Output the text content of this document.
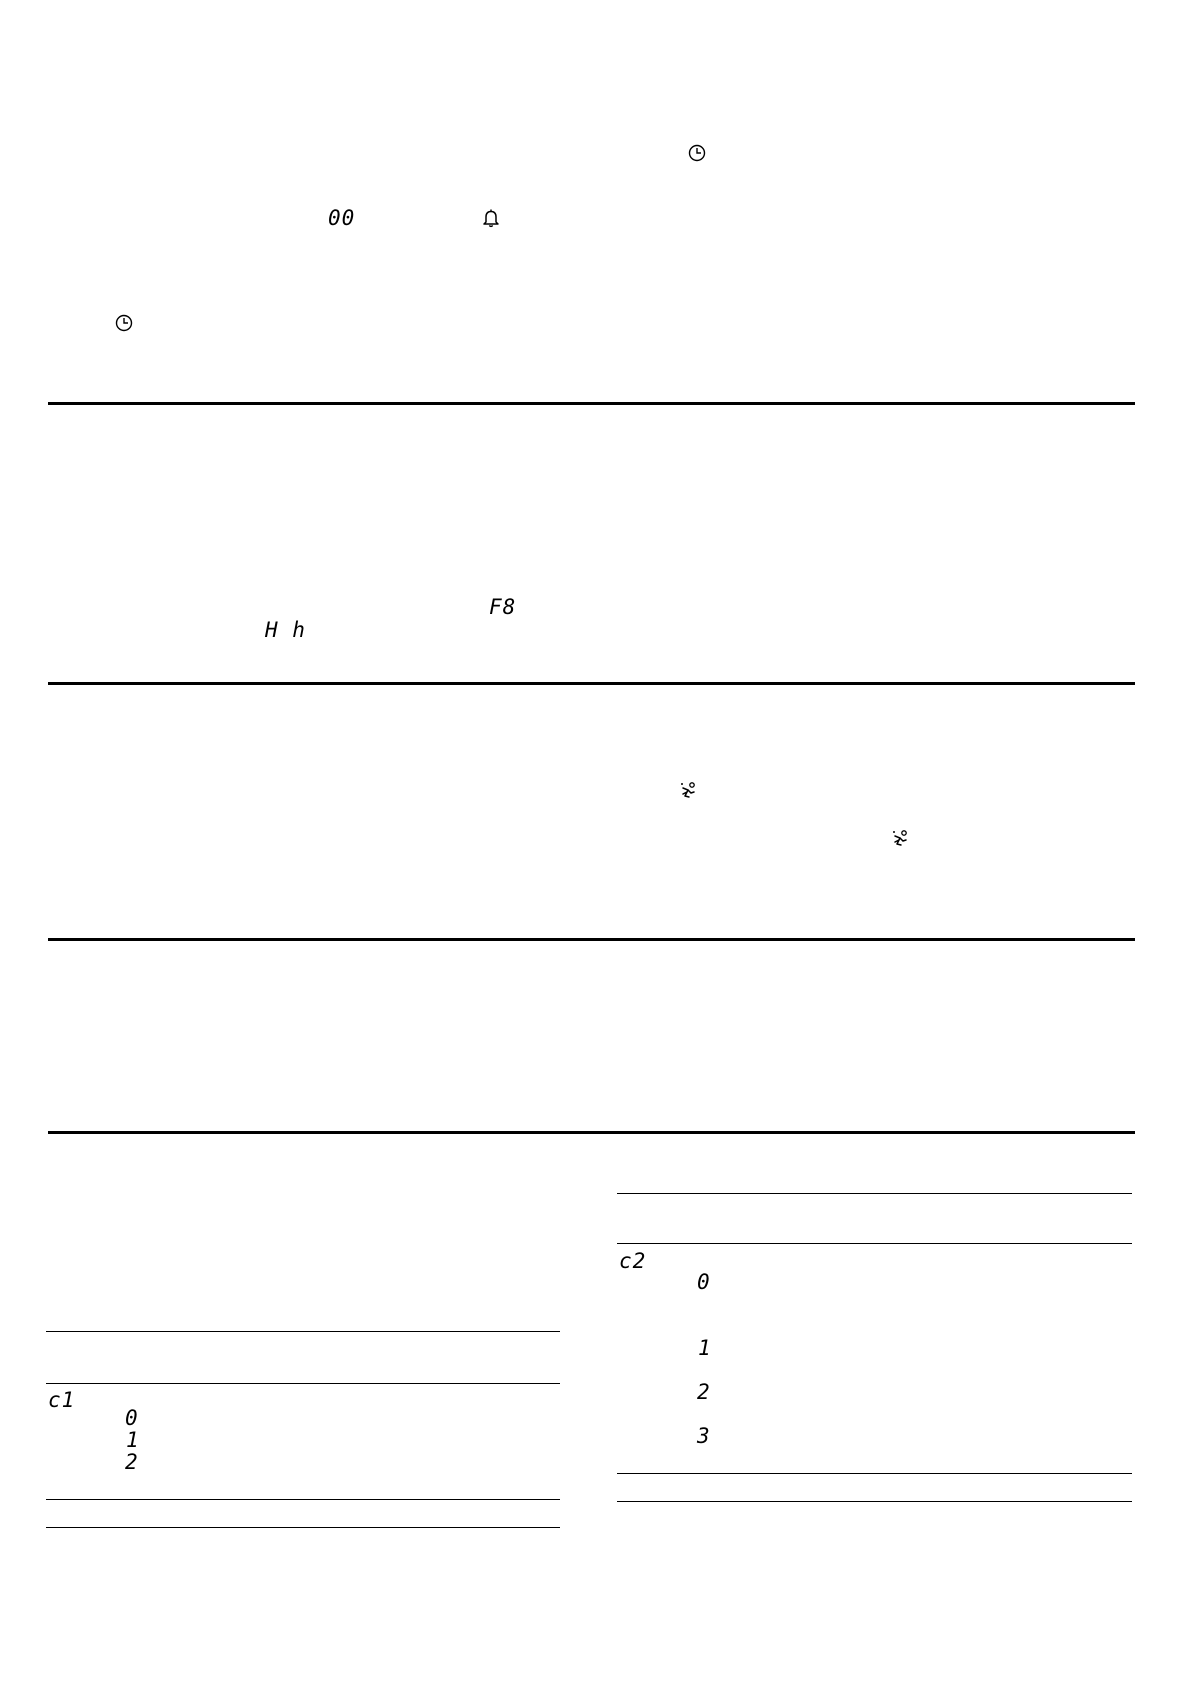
00
F8
H h
c1
0
1
2
c2
0
1
2
3
